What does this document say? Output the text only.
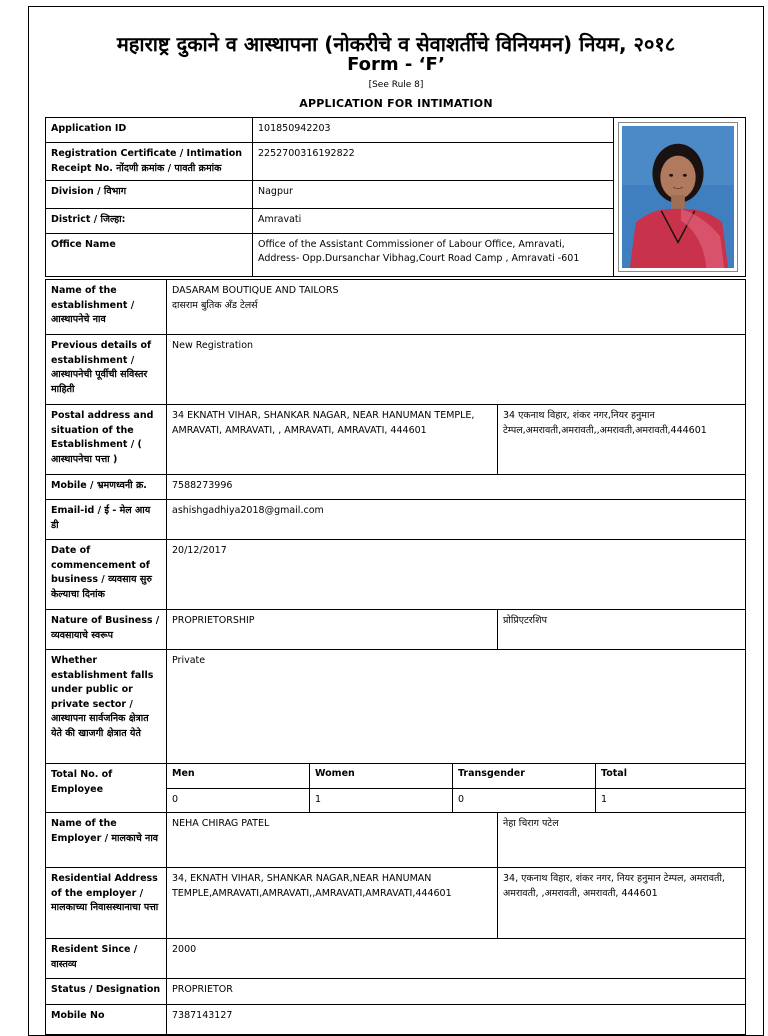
महाराष्ट्र दुकाने व आस्थापना (नोकरीचे व सेवाशर्तीचे विनियमन) नियम, २०१८
Form - ‘F’
[See Rule 8]
APPLICATION FOR INTIMATION
Application ID	101850942203	

Registration Certificate / Intimation Receipt No. नोंदणी क्रमांक / पावती क्रमांक	2252700316192822	
Division / विभाग	Nagpur	
District / जिल्हा:	Amravati	
Office Name	Office of the Assistant Commissioner of Labour Office, Amravati, Address- Opp.Dursanchar Vibhag,Court Road Camp , Amravati -601	
Name of the establishment / आस्थापनेचे नाव	DASARAM BOUTIQUE AND TAILORS
दासराम बुतिक अँड टेलर्स				

Previous details of establishment / आस्थापनेची पूर्वीची सविस्तर माहिती	New Registration				
Postal address and situation of the Establishment / ( आस्थापनेचा पत्ता )	34 EKNATH VIHAR, SHANKAR NAGAR, NEAR HANUMAN TEMPLE, AMRAVATI, AMRAVATI, , AMRAVATI, AMRAVATI, 444601			34 एकनाथ विहार, शंकर नगर,नियर हनुमान टेम्पल,अमरावती,अमरावती,,अमरावती,अमरावती,444601	
Mobile / भ्रमणध्वनी क्र.	7588273996				
Email-id / ई - मेल आय डी	ashishgadhiya2018@gmail.com				
Date of commencement of business / व्यवसाय सुरु केल्याचा दिनांक	20/12/2017				
Nature of Business / व्यवसायाचे स्वरूप	PROPRIETORSHIP			प्रोप्रिएटरशिप	
Whether establishment falls under public or private sector / आस्थापना सार्वजनिक क्षेत्रात येते की खाजगी क्षेत्रात येते	Private				
Total No. of Employee	Men	Women	Transgender		Total
	0	1	0		1
Name of the Employer / मालकाचे नाव	NEHA CHIRAG PATEL			नेहा चिराग पटेल	
Residential Address of the employer / मालकाच्या निवासस्थानाचा पत्ता	34, EKNATH VIHAR, SHANKAR NAGAR,NEAR HANUMAN TEMPLE,AMRAVATI,AMRAVATI,,AMRAVATI,AMRAVATI,444601			34, एकनाथ विहार, शंकर नगर, नियर हनुमान टेम्पल, अमरावती, अमरावती, ,अमरावती, अमरावती, 444601	
Resident Since / वास्तव्य	2000				
Status / Designation	PROPRIETOR				
Mobile No	7387143127				
